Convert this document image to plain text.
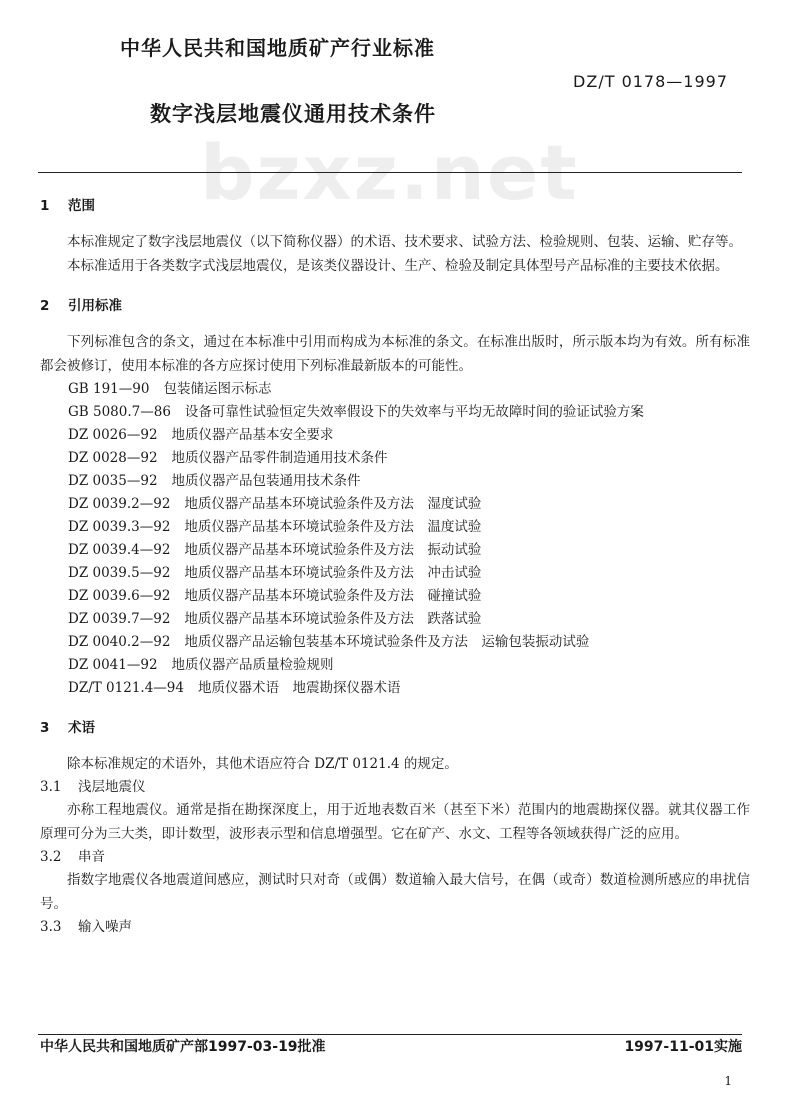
中华人民共和国地质矿产行业标准
DZ/T 0178—1997
数字浅层地震仪通用技术条件
bzxz.net
1 范围

本标准规定了数字浅层地震仪（以下简称仪器）的术语、技术要求、试验方法、检验规则、包装、运输、贮存等。

本标准适用于各类数字式浅层地震仪，是该类仪器设计、生产、检验及制定具体型号产品标准的主要技术依据。

2 引用标准

下列标准包含的条文，通过在本标准中引用而构成为本标准的条文。在标准出版时，所示版本均为有效。所有标准都会被修订，使用本标准的各方应探讨使用下列标准最新版本的可能性。

GB 191—90 包装储运图示标志
GB 5080.7—86 设备可靠性试验恒定失效率假设下的失效率与平均无故障时间的验证试验方案
DZ 0026—92 地质仪器产品基本安全要求
DZ 0028—92 地质仪器产品零件制造通用技术条件
DZ 0035—92 地质仪器产品包装通用技术条件
DZ 0039.2—92 地质仪器产品基本环境试验条件及方法　湿度试验
DZ 0039.3—92 地质仪器产品基本环境试验条件及方法　温度试验
DZ 0039.4—92 地质仪器产品基本环境试验条件及方法　振动试验
DZ 0039.5—92 地质仪器产品基本环境试验条件及方法　冲击试验
DZ 0039.6—92 地质仪器产品基本环境试验条件及方法　碰撞试验
DZ 0039.7—92 地质仪器产品基本环境试验条件及方法　跌落试验
DZ 0040.2—92 地质仪器产品运输包装基本环境试验条件及方法　运输包装振动试验
DZ 0041—92 地质仪器产品质量检验规则
DZ/T 0121.4—94 地质仪器术语　地震勘探仪器术语
3 术语

除本标准规定的术语外，其他术语应符合 DZ/T 0121.4 的规定。

3.1 浅层地震仪

亦称工程地震仪。通常是指在勘探深度上，用于近地表数百米（甚至下米）范围内的地震勘探仪器。就其仪器工作原理可分为三大类，即计数型，波形表示型和信息增强型。它在矿产、水文、工程等各领域获得广泛的应用。

3.2 串音

指数字地震仪各地震道间感应，测试时只对奇（或偶）数道输入最大信号，在偶（或奇）数道检测所感应的串扰信号。

3.3 输入噪声

中华人民共和国地质矿产部1997-03-19批准	1997-11-01实施
1
